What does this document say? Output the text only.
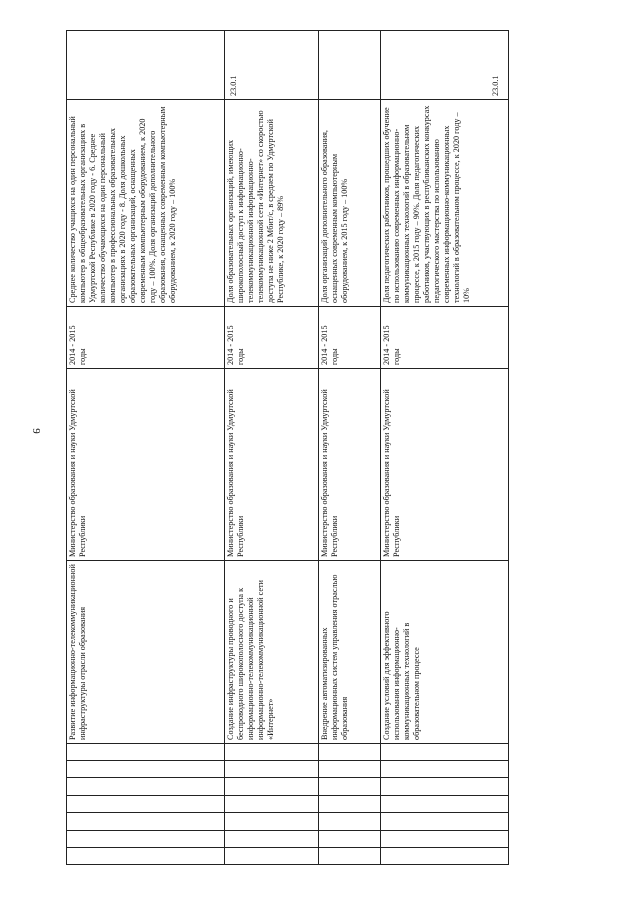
9
Развитие информационно-телекоммуникационной инфраструктуры отрасли образования
Министерство образования и науки Удмуртской Республики
2014 - 2015 годы
Среднее количество учащихся на один персональный компьютер в общеобразовательных организациях в Удмуртской Республике в 2020 году - 6. Среднее количество обучающихся на один персональный компьютер в профессиональных образовательных организациях в 2020 году - 8. Доля дошкольных образовательных организаций, оснащенных современным компьютерным оборудованием, к 2020 году – 100%. Доля организаций дополнительного образования, оснащенных современным компьютерным оборудованием, к 2020 году – 100%
23.0.1
Создание инфраструктуры проводного и беспроводного широкополосного доступа к информационно-телекоммуникационной информационно-телекоммуникационной сети «Интернет»
Министерство образования и науки Удмуртской Республики
2014 - 2015 годы
Доля образовательных организаций, имеющих широкополосный доступ к информационно-телекоммуникационной информационно-телекоммуникационной сети «Интернет» со скоростью доступа не ниже 2 Мбит/с, в среднем по Удмуртской Республике, к 2020 году – 89%
Внедрение автоматизированных информационных систем управления отраслью образования
Министерство образования и науки Удмуртской Республики
2014 - 2015 годы
Доля организаций дополнительного образования, оснащенных современным компьютерным оборудованием, к 2015 году – 100%
Создание условий для эффективного использования информационно-коммуникационных технологий в образовательном процессе
Министерство образования и науки Удмуртской Республики
2014 - 2015 годы
Доля педагогических работников, прошедших обучение по использованию современных информационно-коммуникационных технологий в образовательном процессе, к 2015 году – 90%. Доля педагогических работников, участвующих в республиканских конкурсах педагогического мастерства по использованию современных информационно-коммуникационных технологий в образовательном процессе, к 2020 году – 10%
23.0.1
